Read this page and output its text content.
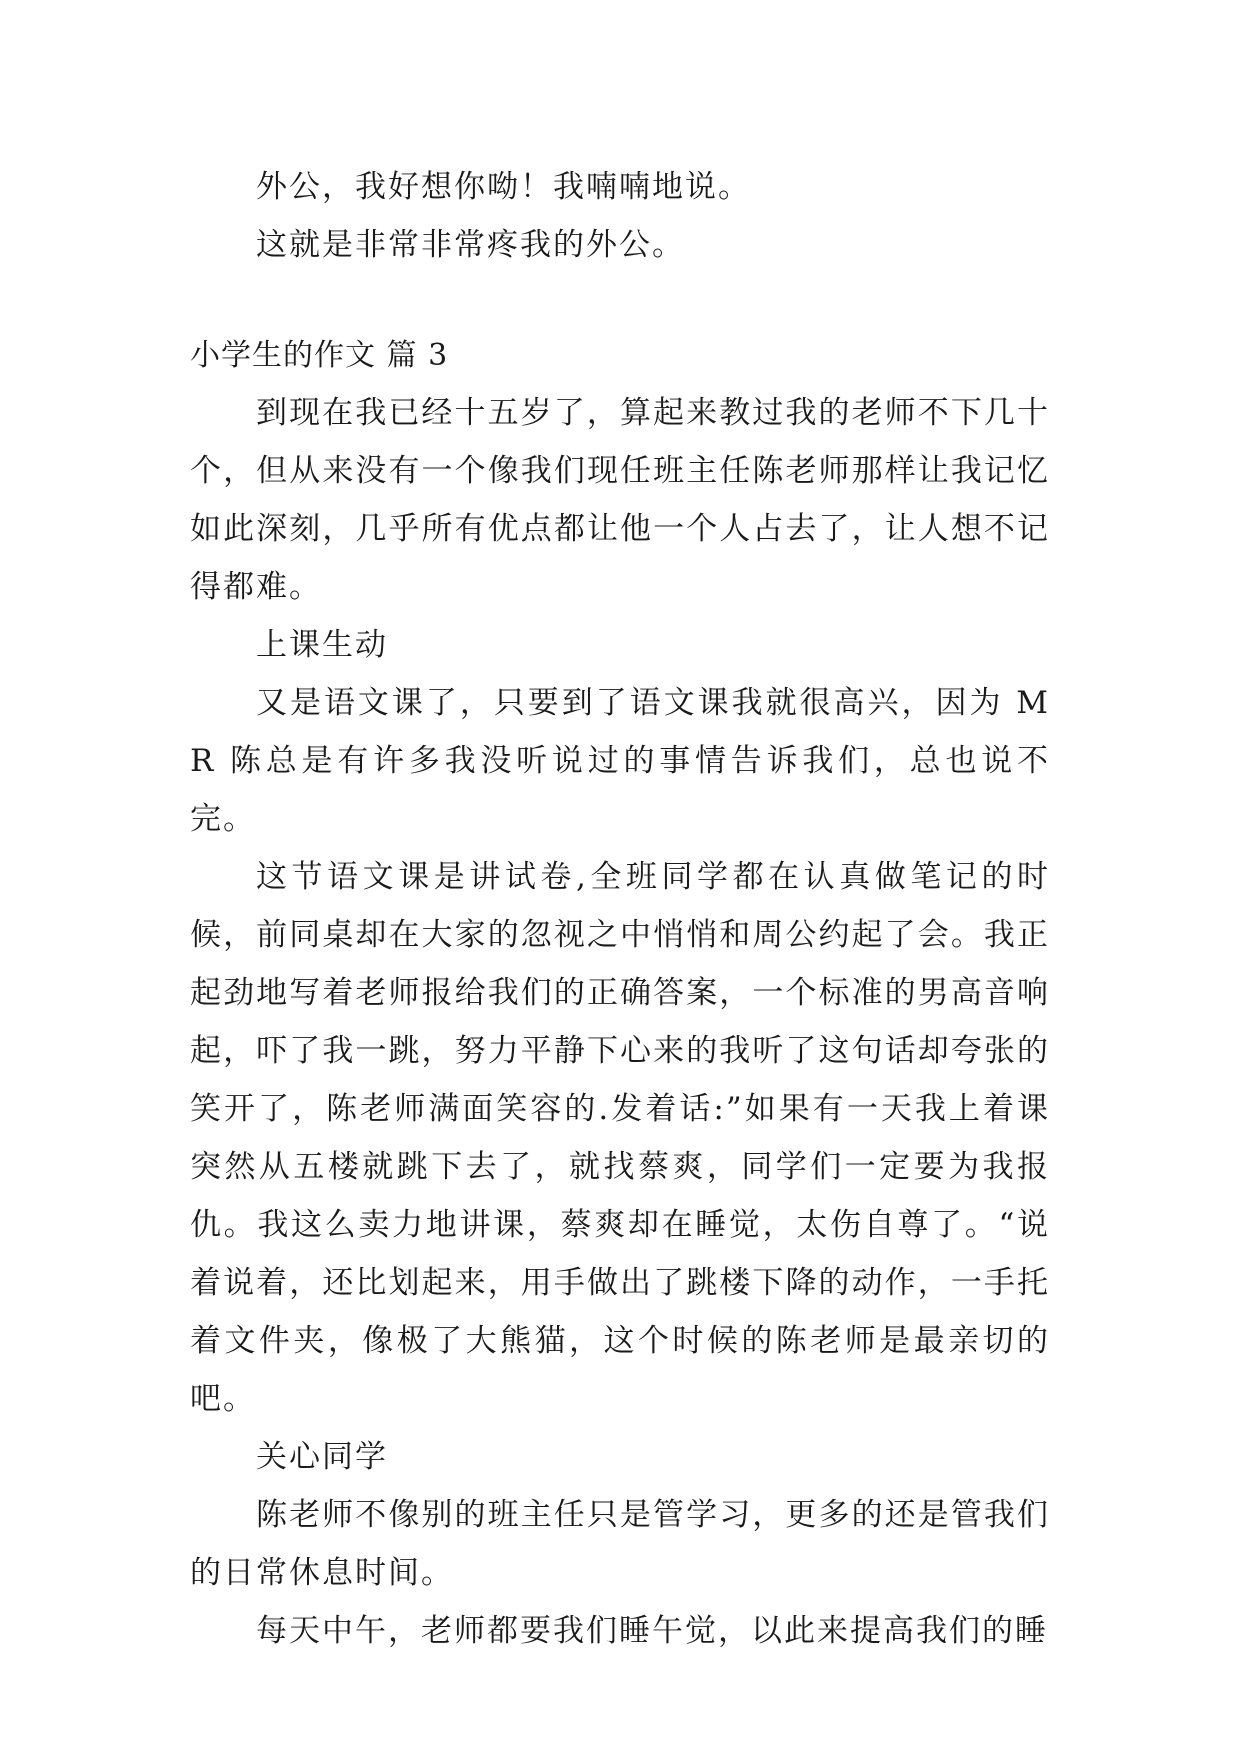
外公，我好想你呦！我喃喃地说。

这就是非常非常疼我的外公。

小学生的作文 篇 3

到现在我已经十五岁了，算起来教过我的老师不下几十个，但从来没有一个像我们现任班主任陈老师那样让我记忆如此深刻，几乎所有优点都让他一个人占去了，让人想不记得都难。

上课生动

又是语文课了，只要到了语文课我就很高兴，因为 MR 陈总是有许多我没听说过的事情告诉我们，总也说不完。

这节语文课是讲试卷,全班同学都在认真做笔记的时候，前同桌却在大家的忽视之中悄悄和周公约起了会。我正起劲地写着老师报给我们的正确答案，一个标准的男高音响起，吓了我一跳，努力平静下心来的我听了这句话却夸张的笑开了，陈老师满面笑容的.发着话:”如果有一天我上着课突然从五楼就跳下去了，就找蔡爽，同学们一定要为我报仇。我这么卖力地讲课，蔡爽却在睡觉，太伤自尊了。“说着说着，还比划起来，用手做出了跳楼下降的动作，一手托着文件夹，像极了大熊猫，这个时候的陈老师是最亲切的吧。

关心同学

陈老师不像别的班主任只是管学习，更多的还是管我们的日常休息时间。

每天中午，老师都要我们睡午觉，以此来提高我们的睡
